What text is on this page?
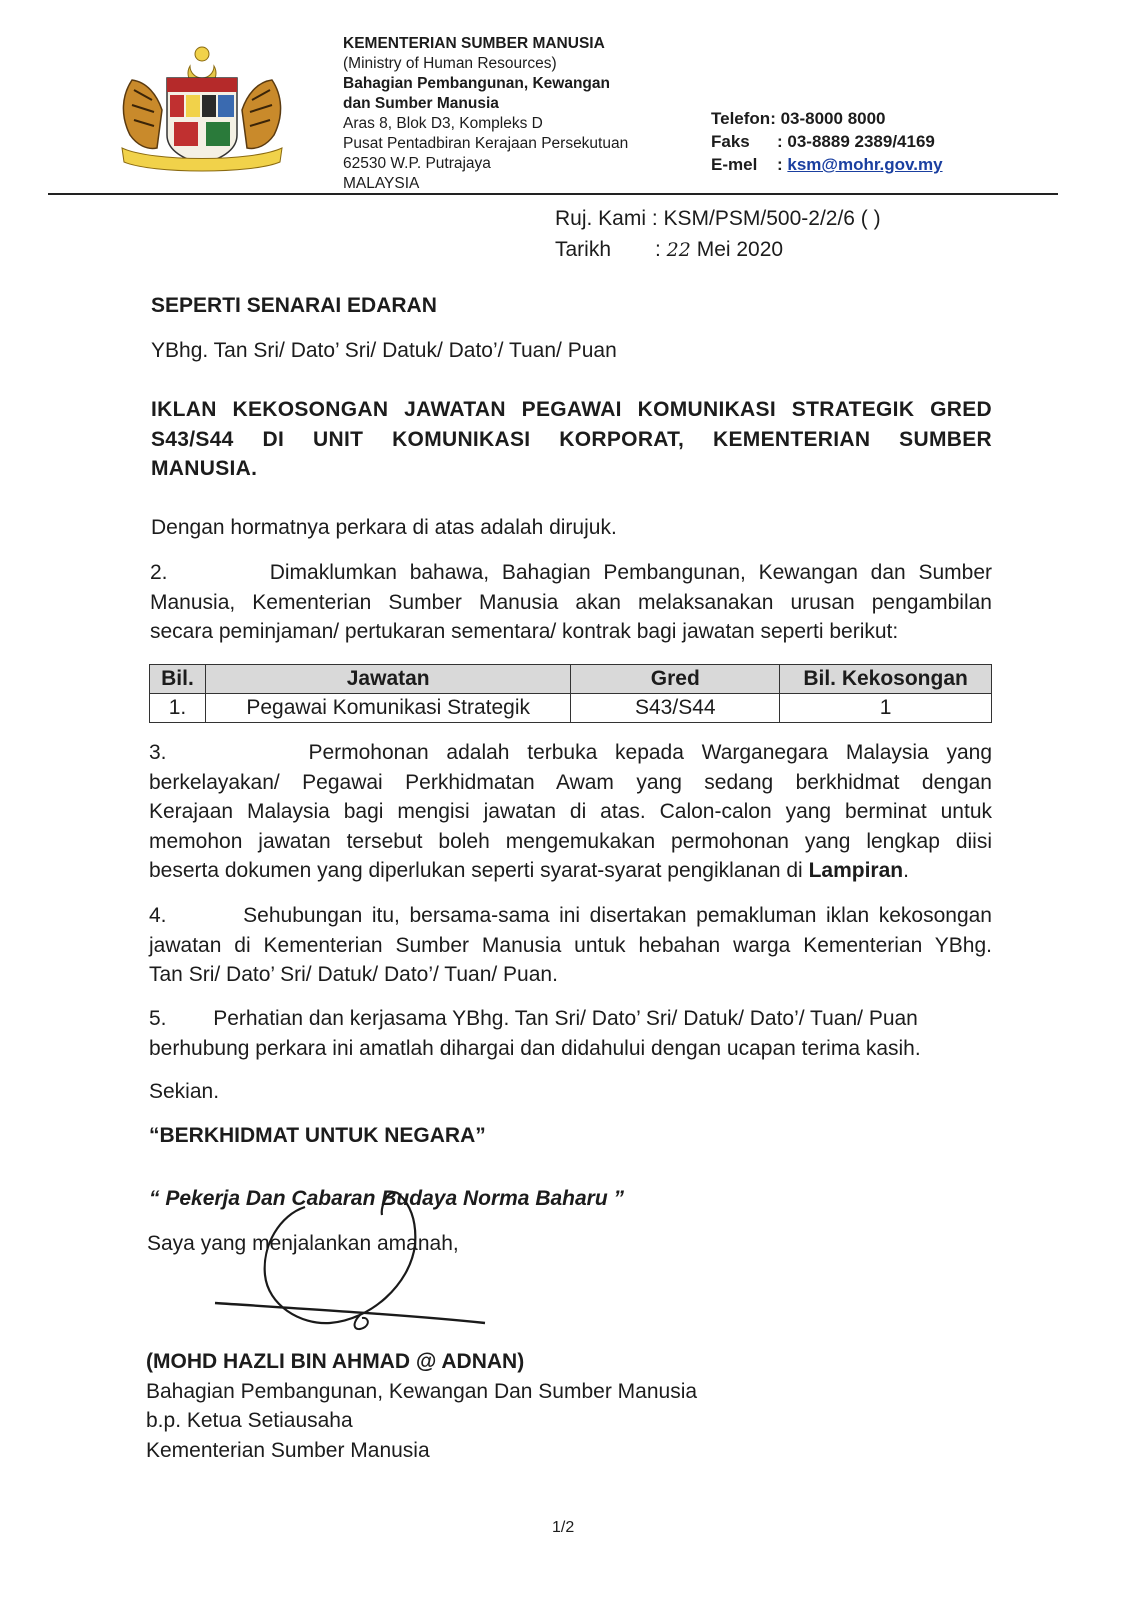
KEMENTERIAN SUMBER MANUSIA
(Ministry of Human Resources)
Bahagian Pembangunan, Kewangan
dan Sumber Manusia
Aras 8, Blok D3, Kompleks D
Pusat Pentadbiran Kerajaan Persekutuan
62530 W.P. Putrajaya
MALAYSIA
Telefon: 03-8000 8000
Faks : 03-8889 2389/4169
E-mel : ksm@mohr.gov.my
Ruj. Kami : KSM/PSM/500-2/2/6 ( )
Tarikh : 22 Mei 2020
SEPERTI SENARAI EDARAN
YBhg. Tan Sri/ Dato’ Sri/ Datuk/ Dato’/ Tuan/ Puan
IKLAN KEKOSONGAN JAWATAN PEGAWAI KOMUNIKASI STRATEGIK GRED
S43/S44 DI UNIT KOMUNIKASI KORPORAT, KEMENTERIAN SUMBER
MANUSIA.
Dengan hormatnya perkara di atas adalah dirujuk.
2.        Dimaklumkan bahawa, Bahagian Pembangunan, Kewangan dan Sumber
Manusia, Kementerian Sumber Manusia akan melaksanakan urusan pengambilan
secara peminjaman/ pertukaran sementara/ kontrak bagi jawatan seperti berikut:
Bil.	Jawatan	Gred	Bil. Kekosongan
1.	Pegawai Komunikasi Strategik	S43/S44	1
3.        Permohonan adalah terbuka kepada Warganegara Malaysia yang
berkelayakan/ Pegawai Perkhidmatan Awam yang sedang berkhidmat dengan
Kerajaan Malaysia bagi mengisi jawatan di atas. Calon-calon yang berminat untuk
memohon jawatan tersebut boleh mengemukakan permohonan yang lengkap diisi
beserta dokumen yang diperlukan seperti syarat-syarat pengiklanan di Lampiran.
4.        Sehubungan itu, bersama-sama ini disertakan pemakluman iklan kekosongan
jawatan di Kementerian Sumber Manusia untuk hebahan warga Kementerian YBhg.
Tan Sri/ Dato’ Sri/ Datuk/ Dato’/ Tuan/ Puan.
5.        Perhatian dan kerjasama YBhg. Tan Sri/ Dato’ Sri/ Datuk/ Dato’/ Tuan/ Puan
berhubung perkara ini amatlah dihargai dan didahului dengan ucapan terima kasih.
Sekian.
“BERKHIDMAT UNTUK NEGARA”
“ Pekerja Dan Cabaran Budaya Norma Baharu ”
Saya yang menjalankan amanah,
(MOHD HAZLI BIN AHMAD @ ADNAN)
Bahagian Pembangunan, Kewangan Dan Sumber Manusia
b.p. Ketua Setiausaha
Kementerian Sumber Manusia
1/2
